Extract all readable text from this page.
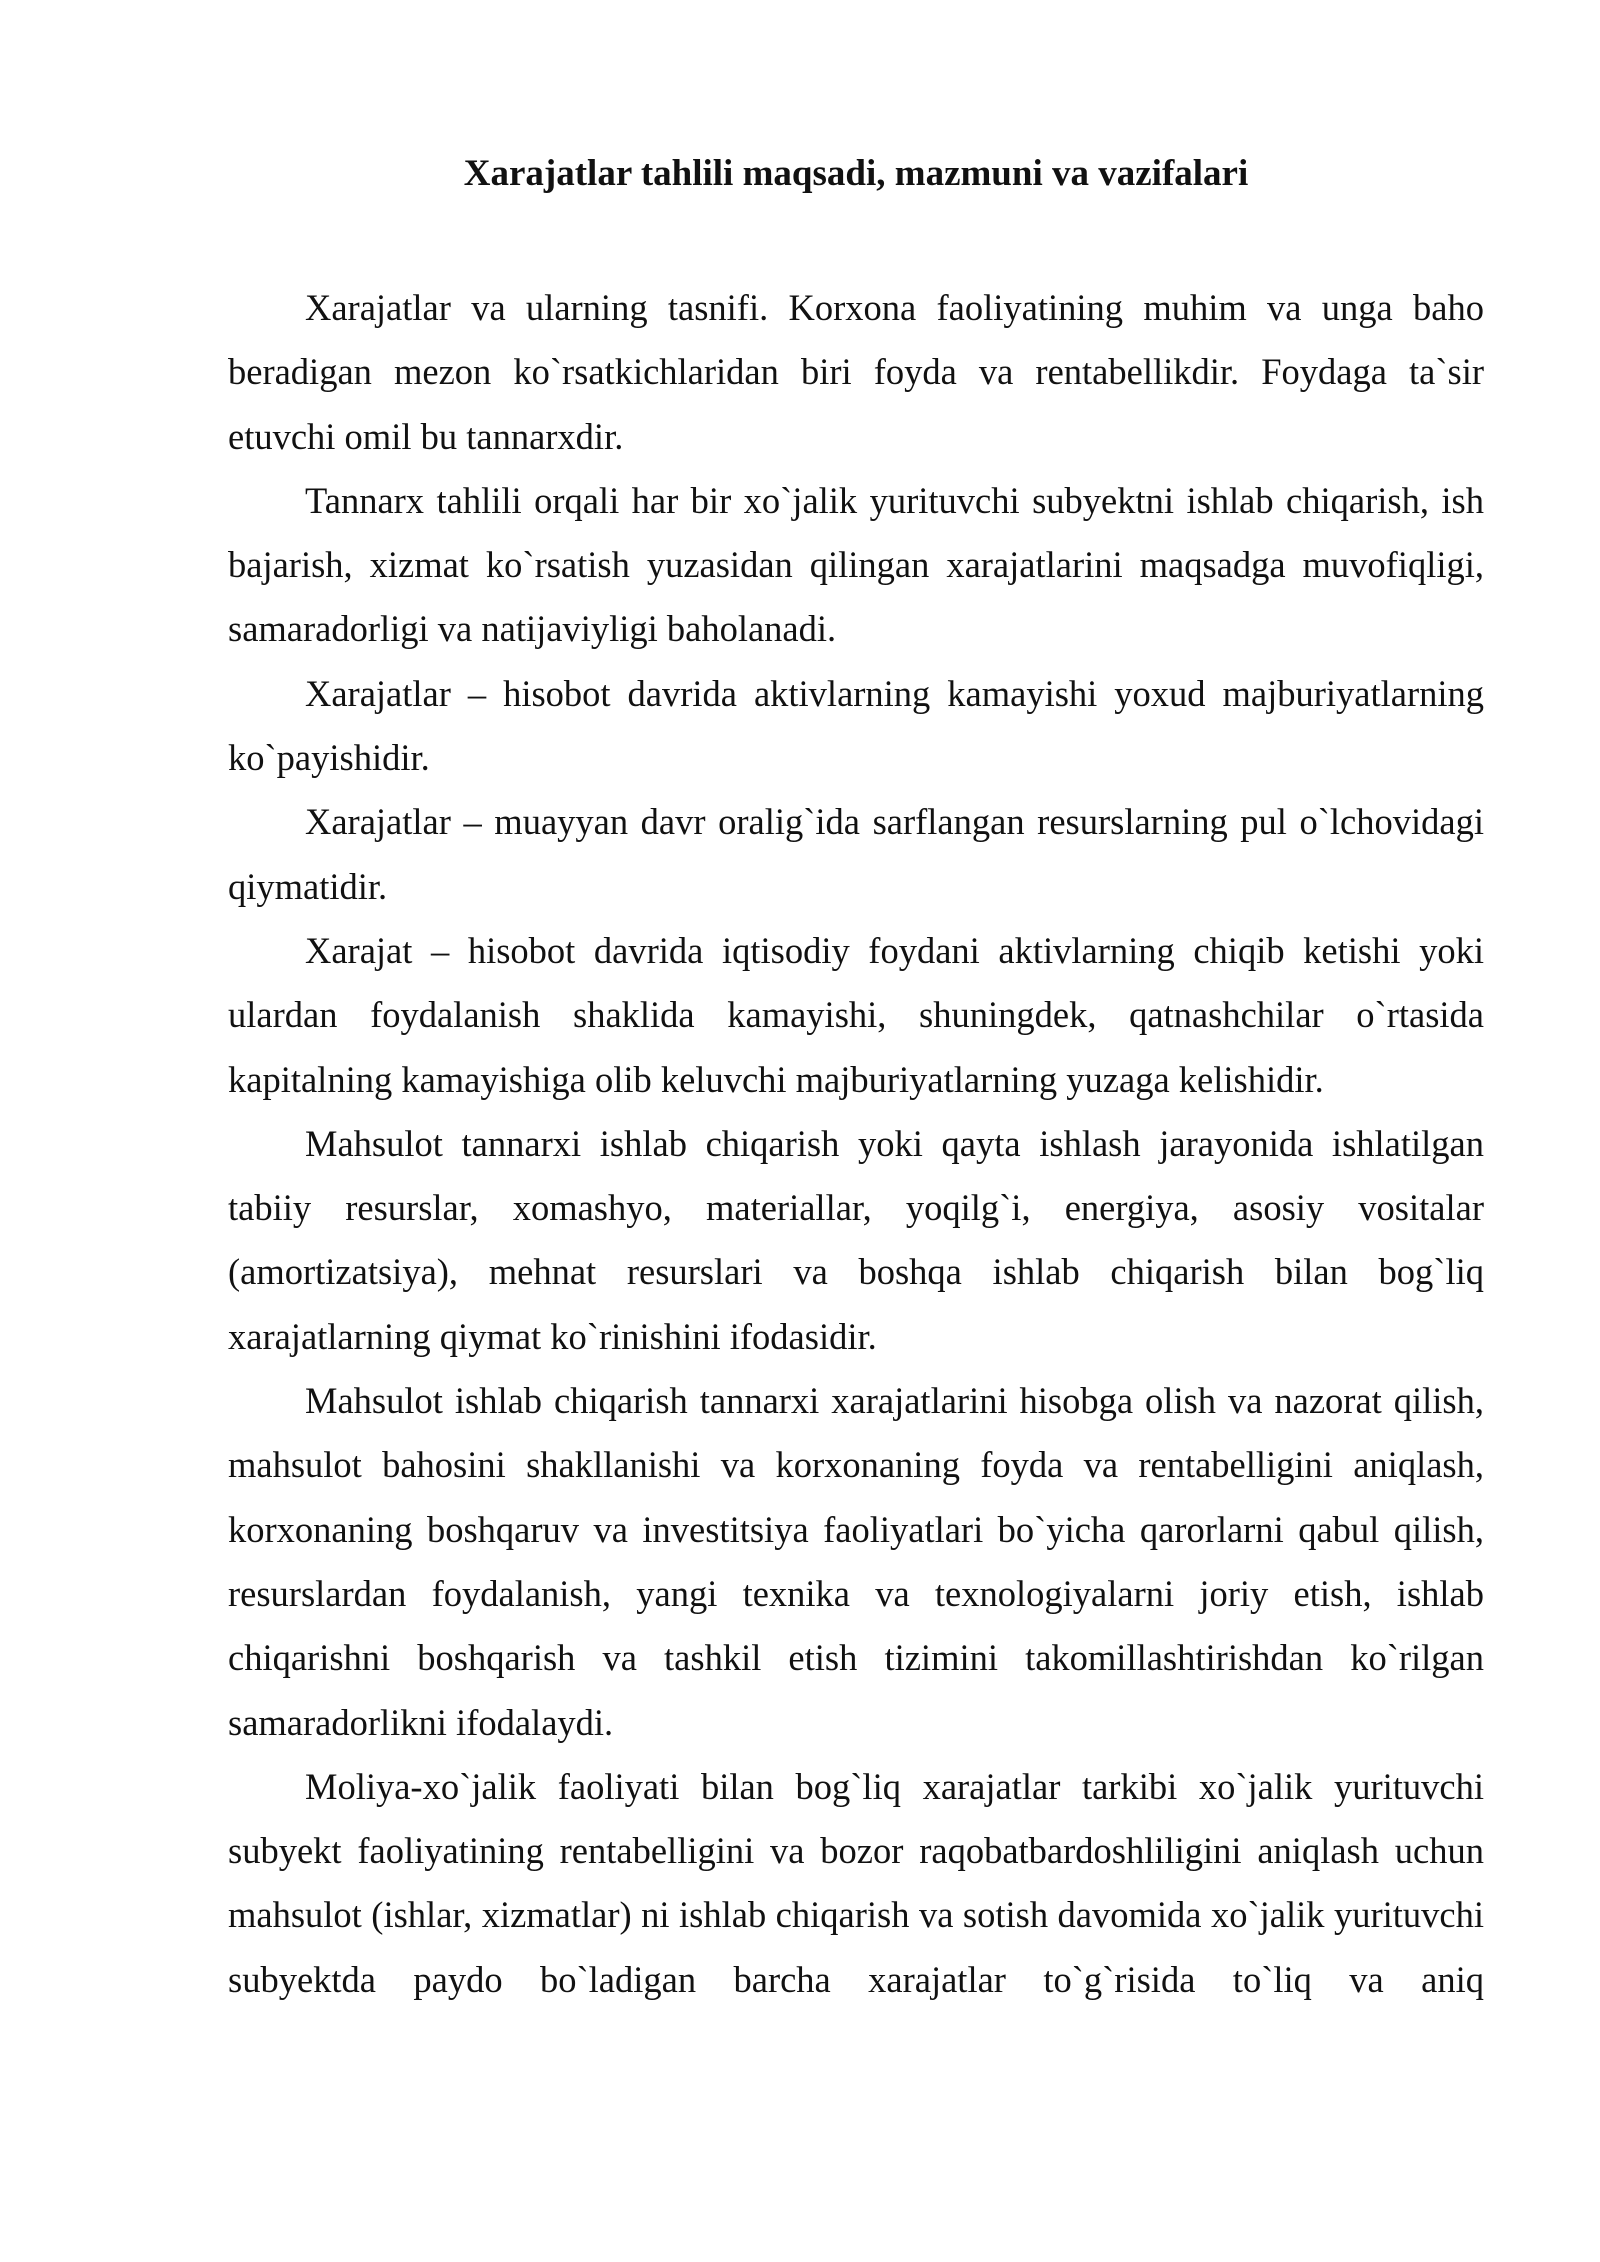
Xarajatlar tahlili maqsadi, mazmuni va vazifalari

Xarajatlar va ularning tasnifi. Korxona faoliyatining muhim va unga baho beradigan mezon ko`rsatkichlaridan biri foyda va rentabellikdir. Foydaga ta`sir etuvchi omil bu tannarxdir.

Tannarx tahlili orqali har bir xo`jalik yurituvchi subyektni ishlab chiqarish, ish bajarish, xizmat ko`rsatish yuzasidan qilingan xarajatlarini maqsadga muvofiqligi, samaradorligi va natijaviyligi baholanadi.

Xarajatlar – hisobot davrida aktivlarning kamayishi yoxud majburiyatlarning ko`payishidir.

Xarajatlar – muayyan davr oralig`ida sarflangan resurslarning pul o`lchovidagi qiymatidir.

Xarajat – hisobot davrida iqtisodiy foydani aktivlarning chiqib ketishi yoki ulardan foydalanish shaklida kamayishi, shuningdek, qatnashchilar o`rtasida kapitalning kamayishiga olib keluvchi majburiyatlarning yuzaga kelishidir.

Mahsulot tannarxi ishlab chiqarish yoki qayta ishlash jarayonida ishlatilgan tabiiy resurslar, xomashyo, materiallar, yoqilg`i, energiya, asosiy vositalar (amortizatsiya), mehnat resurslari va boshqa ishlab chiqarish bilan bog`liq xarajatlarning qiymat ko`rinishini ifodasidir.

Mahsulot ishlab chiqarish tannarxi xarajatlarini hisobga olish va nazorat qilish, mahsulot bahosini shakllanishi va korxonaning foyda va rentabelligini aniqlash, korxonaning boshqaruv va investitsiya faoliyatlari bo`yicha qarorlarni qabul qilish, resurslardan foydalanish, yangi texnika va texnologiyalarni joriy etish, ishlab chiqarishni boshqarish va tashkil etish tizimini takomillashtirishdan ko`rilgan samaradorlikni ifodalaydi.

Moliya-xo`jalik faoliyati bilan bog`liq xarajatlar tarkibi xo`jalik yurituvchi subyekt faoliyatining rentabelligini va bozor raqobatbardoshliligini aniqlash uchun mahsulot (ishlar, xizmatlar) ni ishlab chiqarish va sotish davomida xo`jalik yurituvchi subyektda paydo bo`ladigan barcha xarajatlar to`g`risida to`liq va aniq
